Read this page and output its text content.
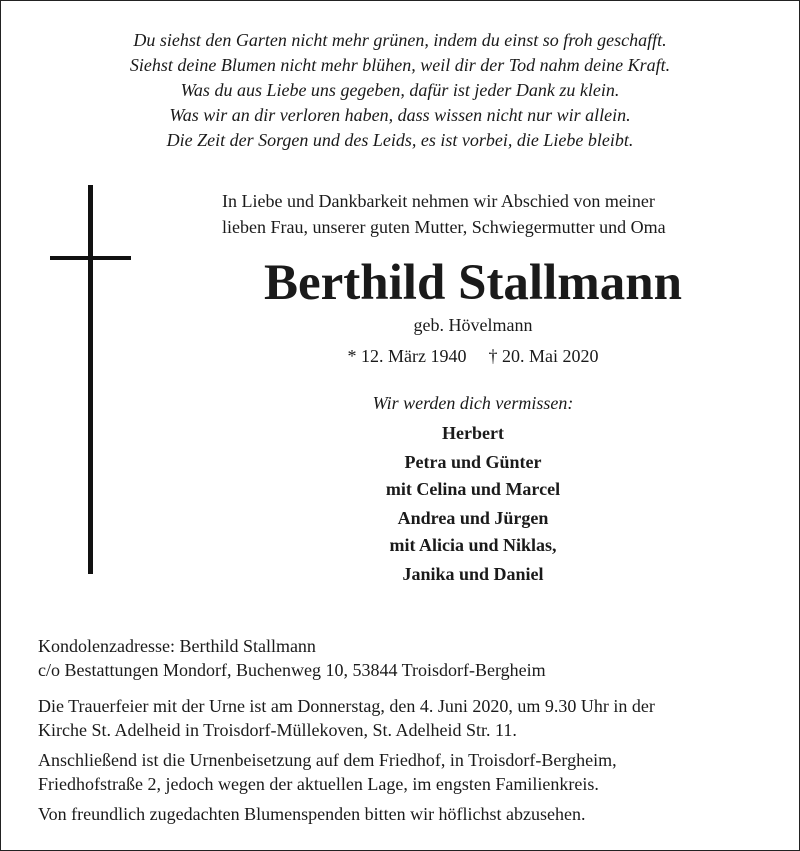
Du siehst den Garten nicht mehr grünen, indem du einst so froh geschafft.
Siehst deine Blumen nicht mehr blühen, weil dir der Tod nahm deine Kraft.
Was du aus Liebe uns gegeben, dafür ist jeder Dank zu klein.
Was wir an dir verloren haben, dass wissen nicht nur wir allein.
Die Zeit der Sorgen und des Leids, es ist vorbei, die Liebe bleibt.
In Liebe und Dankbarkeit nehmen wir Abschied von meiner
lieben Frau, unserer guten Mutter, Schwiegermutter und Oma
Berthild Stallmann
geb. Hövelmann
* 12. März 1940 † 20. Mai 2020
Wir werden dich vermissen:
Herbert
Petra und Günter
mit Celina und Marcel
Andrea und Jürgen
mit Alicia und Niklas,
Janika und Daniel
Kondolenzadresse: Berthild Stallmann
c/o Bestattungen Mondorf, Buchenweg 10, 53844 Troisdorf-Bergheim
Die Trauerfeier mit der Urne ist am Donnerstag, den 4. Juni 2020, um 9.30 Uhr in der
Kirche St. Adelheid in Troisdorf-Müllekoven, St. Adelheid Str. 11.
Anschließend ist die Urnenbeisetzung auf dem Friedhof, in Troisdorf-Bergheim,
Friedhofstraße 2, jedoch wegen der aktuellen Lage, im engsten Familienkreis.
Von freundlich zugedachten Blumenspenden bitten wir höflichst abzusehen.
